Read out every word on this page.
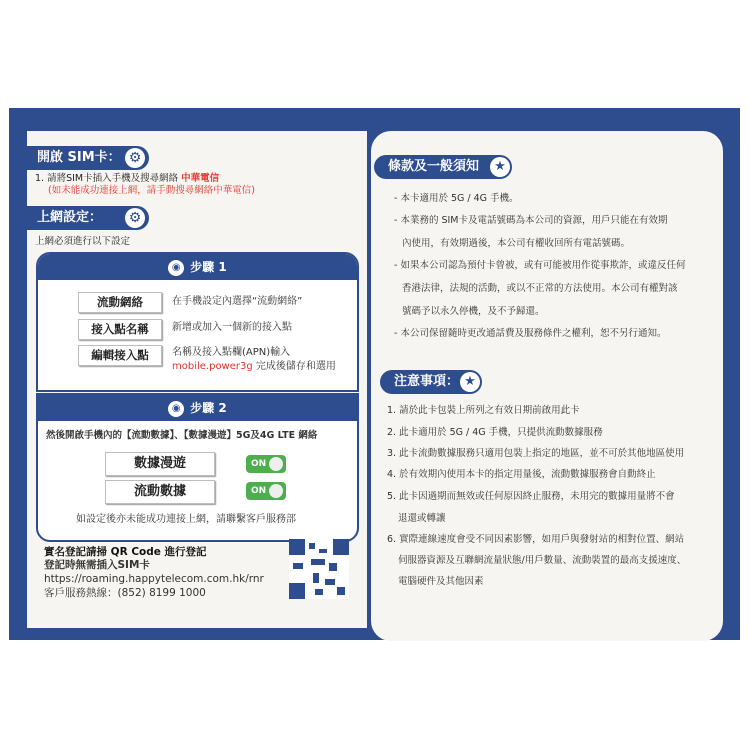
開啟 SIM卡： ⚙
1. 請將SIM卡插入手機及搜尋網絡 中華電信
(如未能成功連接上網，請手動搜尋網絡中華電信)
上網設定： ⚙
上網必須進行以下設定
◉ 步驟 1
流動網絡	在手機設定內選擇“流動網絡”
接入點名稱	新增或加入一個新的接入點
編輯接入點	名稱及接入點欄(APN)輸入
mobile.power3g 完成後儲存和選用
◉ 步驟 2
然後開啟手機內的【流動數據】、【數據漫遊】5G及4G LTE 網絡
數據漫遊	ON
流動數據	ON
如設定後亦未能成功連接上網，請聯繫客戶服務部
實名登記請掃 QR Code 進行登記
登記時無需插入SIM卡
https://roaming.happytelecom.com.hk/rnr
客戶服務熱線：(852) 8199 1000
條款及一般須知	★
- 本卡適用於 5G / 4G 手機。
- 本業務的 SIM卡及電話號碼為本公司的資源，用戶只能在有效期
內使用，有效期過後，本公司有權收回所有電話號碼。
- 如果本公司認為預付卡曾被，或有可能被用作從事欺詐，或違反任何
香港法律，法規的活動，或以不正常的方法使用。本公司有權對該
號碼予以永久停機，及不予歸還。
- 本公司保留隨時更改通話費及服務條件之權利，恕不另行通知。
注意事項： ★
1. 請於此卡包裝上所列之有效日期前啟用此卡
2. 此卡適用於 5G / 4G 手機，只提供流動數據服務
3. 此卡流動數據服務只適用包裝上指定的地區，並不可於其他地區使用
4. 於有效期內使用本卡的指定用量後，流動數據服務會自動終止
5. 此卡因過期而無效或任何原因終止服務，未用完的數據用量將不會
退還或轉讓
6. 實際連線速度會受不同因素影響，如用戶與發射站的相對位置、網站
伺服器資源及互聯網流量狀態/用戶數量、流動裝置的最高支援速度、
電腦硬件及其他因素
